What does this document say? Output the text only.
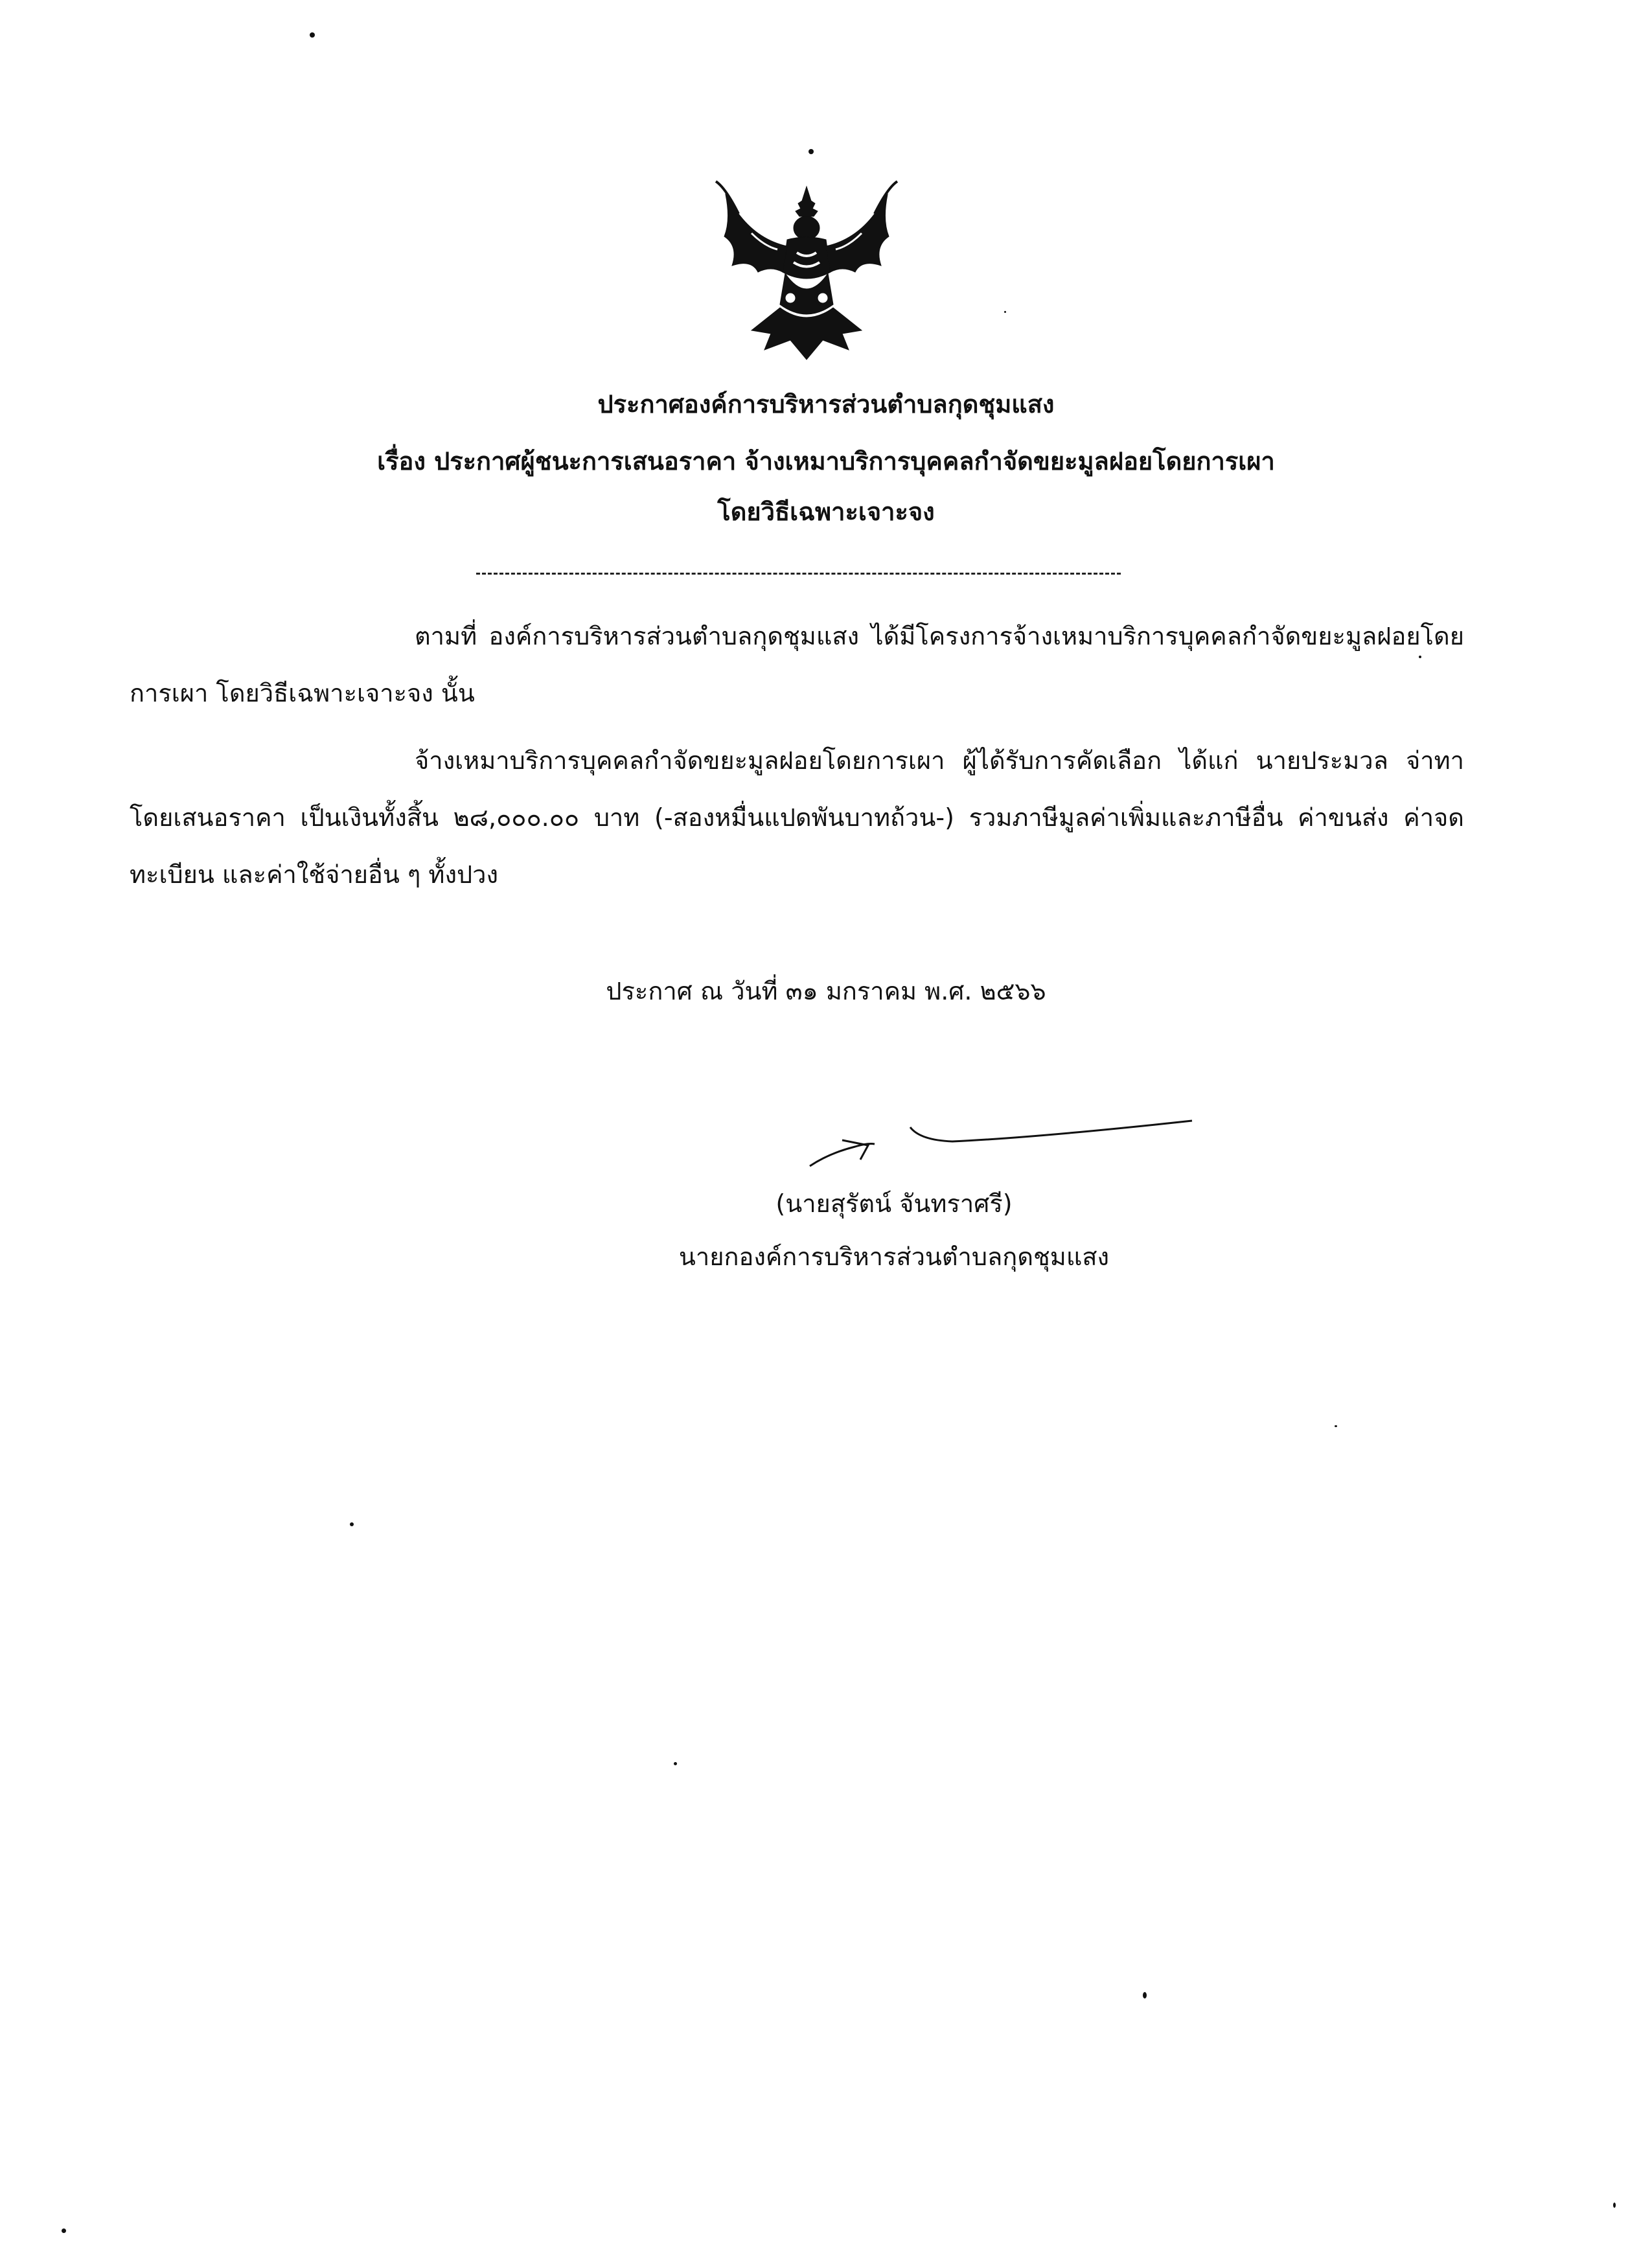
ประกาศองค์การบริหารส่วนตำบลกุดชุมแสง
เรื่อง ประกาศผู้ชนะการเสนอราคา จ้างเหมาบริการบุคคลกำจัดขยะมูลฝอยโดยการเผา
โดยวิธีเฉพาะเจาะจง
ตามที่ องค์การบริหารส่วนตำบลกุดชุมแสง ได้มีโครงการจ้างเหมาบริการบุคคลกำจัดขยะมูลฝอยโดยการเผา โดยวิธีเฉพาะเจาะจง นั้น
จ้างเหมาบริการบุคคลกำจัดขยะมูลฝอยโดยการเผา ผู้ได้รับการคัดเลือก ได้แก่ นายประมวล จ่าทา โดยเสนอราคา เป็นเงินทั้งสิ้น ๒๘,๐๐๐.๐๐ บาท (-สองหมื่นแปดพันบาทถ้วน-) รวมภาษีมูลค่าเพิ่มและภาษีอื่น ค่าขนส่ง ค่าจดทะเบียน และค่าใช้จ่ายอื่น ๆ ทั้งปวง
ประกาศ ณ วันที่ ๓๑ มกราคม พ.ศ. ๒๕๖๖
(นายสุรัตน์ จันทราศรี)
นายกองค์การบริหารส่วนตำบลกุดชุมแสง
